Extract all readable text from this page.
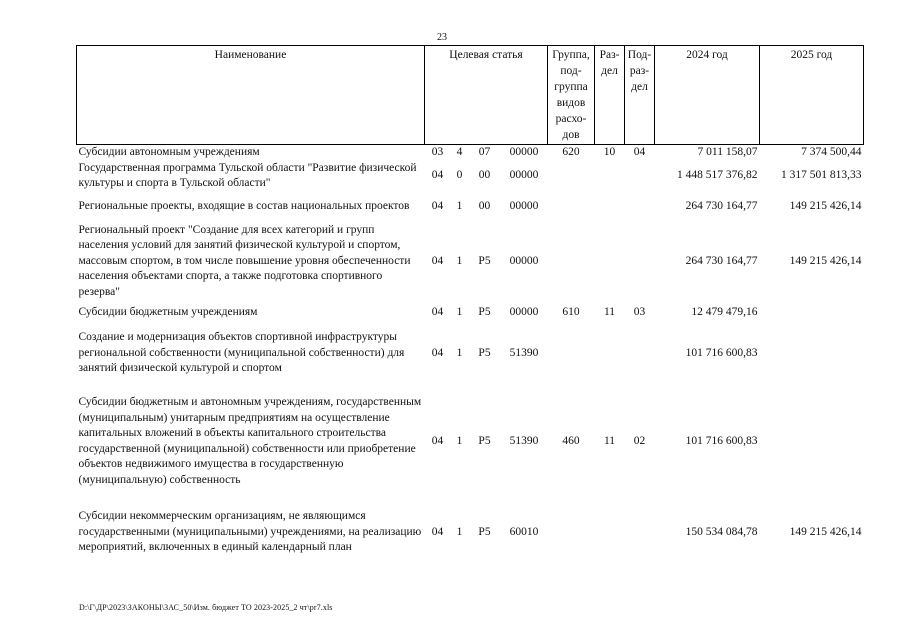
23
Наименование	Целевая статья				Группа, под-группа видов расхо-дов	Раз-дел	Под-раз-дел	2024 год	2025 год
Субсидии автономным учреждениям	03	4	07	00000	620	10	04	7 011 158,07	7 374 500,44
Государственная программа Тульской области "Развитие физической культуры и спорта в Тульской области"	04	0	00	00000				1 448 517 376,82	1 317 501 813,33
Региональные проекты, входящие в состав национальных проектов	04	1	00	00000				264 730 164,77	149 215 426,14
Региональный проект "Создание для всех категорий и групп населения условий для занятий физической культурой и спортом, массовым спортом, в том числе повышение уровня обеспеченности населения объектами спорта, а также подготовка спортивного резерва"	04	1	P5	00000				264 730 164,77	149 215 426,14
Субсидии бюджетным учреждениям	04	1	P5	00000	610	11	03	12 479 479,16	
Создание и модернизация объектов спортивной инфраструктуры региональной собственности (муниципальной собственности) для занятий физической культурой и спортом	04	1	P5	51390				101 716 600,83	
Субсидии бюджетным и автономным учреждениям, государственным (муниципальным) унитарным предприятиям на осуществление капитальных вложений в объекты капитального строительства государственной (муниципальной) собственности или приобретение объектов недвижимого имущества в государственную (муниципальную) собственность	04	1	P5	51390	460	11	02	101 716 600,83	
Субсидии некоммерческим организациям, не являющимся государственными (муниципальными) учреждениями, на реализацию мероприятий, включенных в единый календарный план	04	1	P5	60010				150 534 084,78	149 215 426,14
D:\Г\ДР\2023\ЗАКОНЫ\ЗАС_50\Изм. бюджет ТО 2023-2025_2 чт\pr7.xls
